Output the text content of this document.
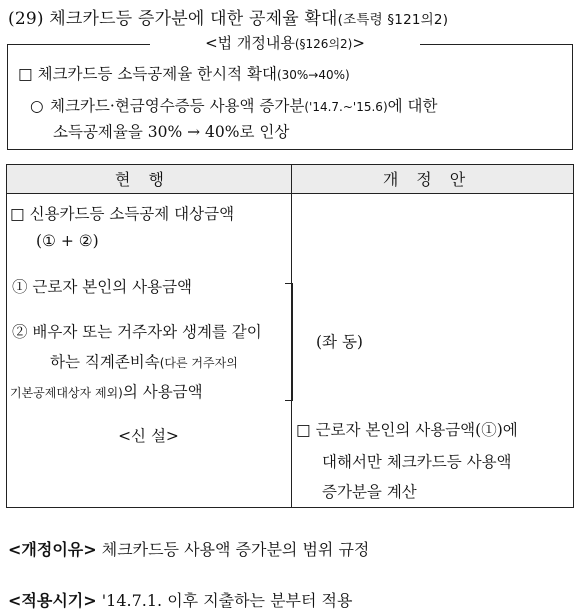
(29) 체크카드등 증가분에 대한 공제율 확대(조특령 §121의2)
<법 개정내용(§126의2)>
□ 체크카드등 소득공제율 한시적 확대(30%→40%)
○ 체크카드·현금영수증등 사용액 증가분('14.7.~'15.6)에 대한
소득공제율을 30% → 40%로 인상
현행	개정안
□ 신용카드등 소득공제 대상금액
(① + ②)
① 근로자 본인의 사용금액
② 배우자 또는 거주자와 생계를 같이
하는 직계존비속(다른 거주자의
기본공제대상자 제외)의 사용금액
<신 설>
(좌 동)
□ 근로자 본인의 사용금액(①)에
대해서만 체크카드등 사용액
증가분을 계산
<개정이유> 체크카드등 사용액 증가분의 범위 규정
<적용시기> '14.7.1. 이후 지출하는 분부터 적용
